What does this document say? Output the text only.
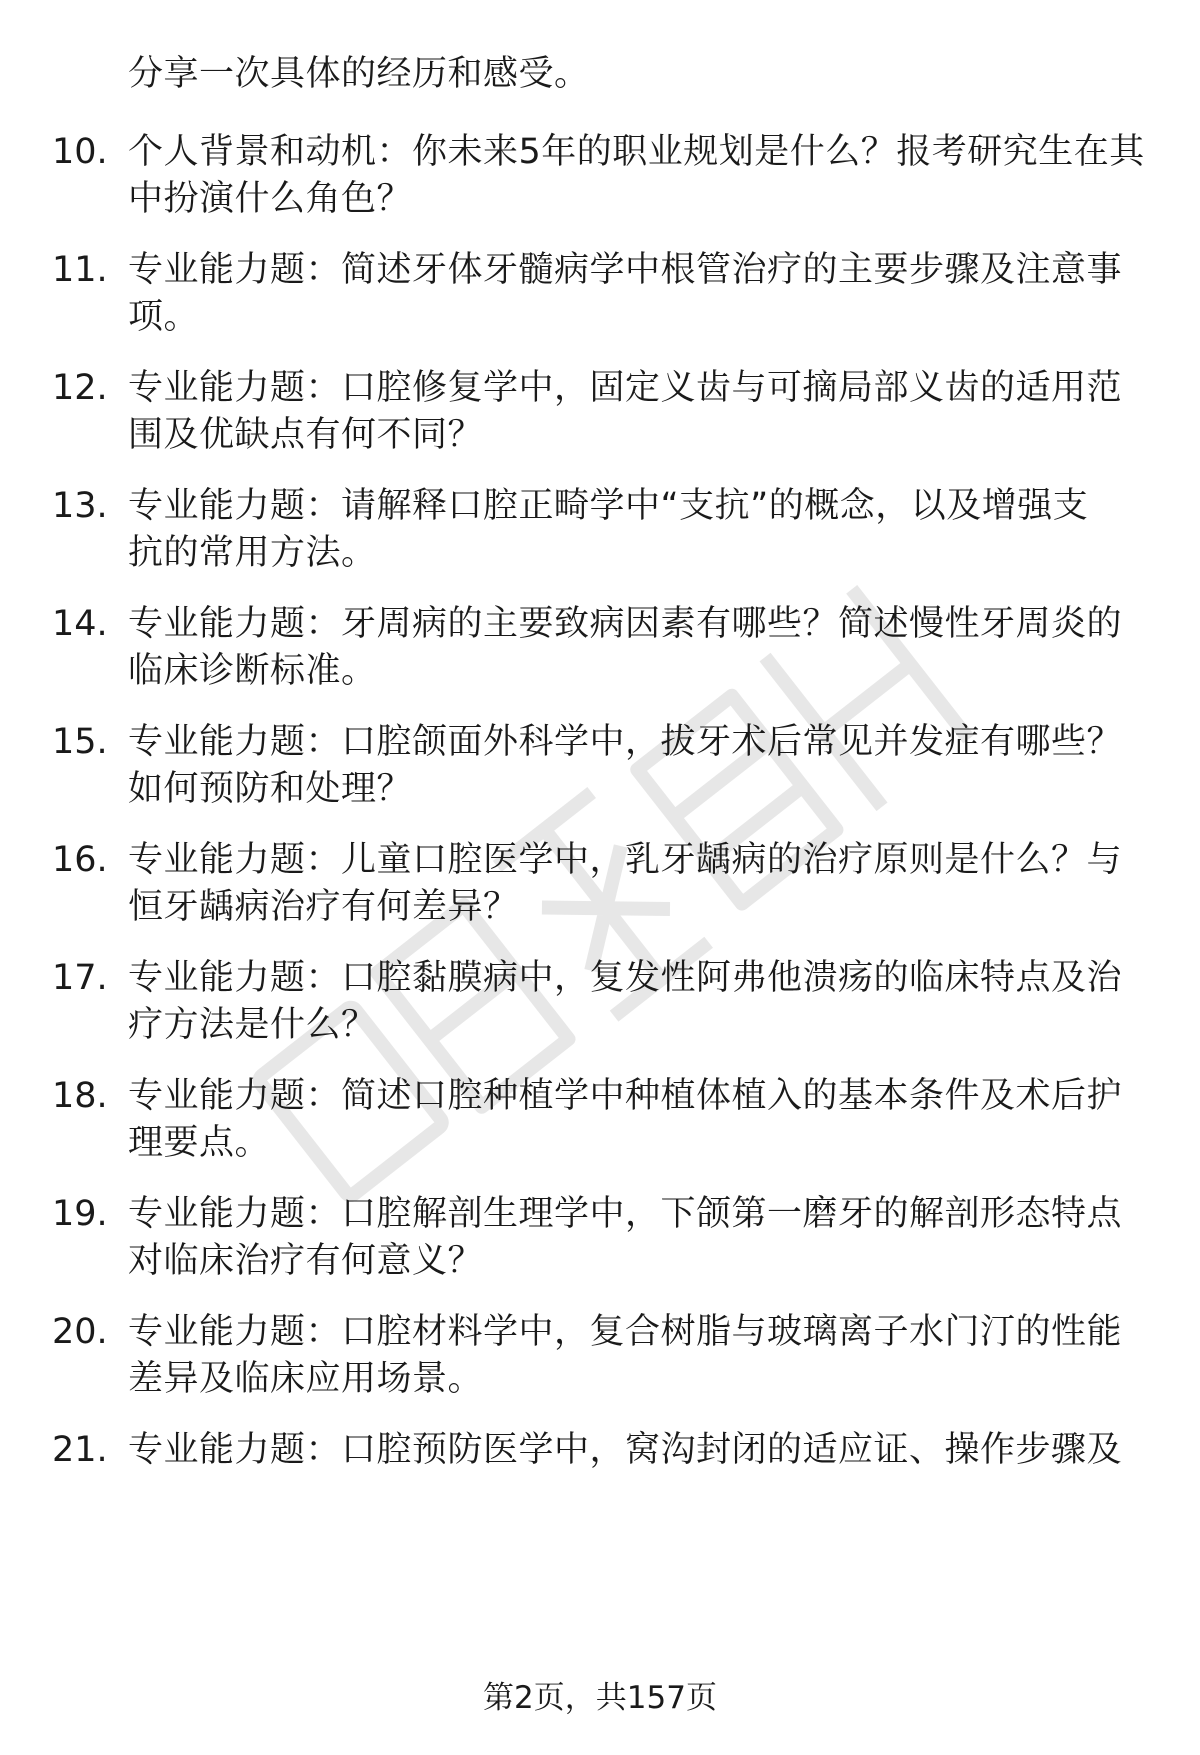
分享一次具体的经历和感受。
10. 个人背景和动机：你未来5年的职业规划是什么？报考研究生在其
中扮演什么角色？
11. 专业能力题：简述牙体牙髓病学中根管治疗的主要步骤及注意事
项。
12. 专业能力题：口腔修复学中，固定义齿与可摘局部义齿的适用范
围及优缺点有何不同？
13. 专业能力题：请解释口腔正畸学中“支抗”的概念，以及增强支
抗的常用方法。
14. 专业能力题：牙周病的主要致病因素有哪些？简述慢性牙周炎的
临床诊断标准。
15. 专业能力题：口腔颌面外科学中，拔牙术后常见并发症有哪些？
如何预防和处理？
16. 专业能力题：儿童口腔医学中，乳牙龋病的治疗原则是什么？与
恒牙龋病治疗有何差异？
17. 专业能力题：口腔黏膜病中，复发性阿弗他溃疡的临床特点及治
疗方法是什么？
18. 专业能力题：简述口腔种植学中种植体植入的基本条件及术后护
理要点。
19. 专业能力题：口腔解剖生理学中，下颌第一磨牙的解剖形态特点
对临床治疗有何意义？
20. 专业能力题：口腔材料学中，复合树脂与玻璃离子水门汀的性能
差异及临床应用场景。
21. 专业能力题：口腔预防医学中，窝沟封闭的适应证、操作步骤及
第2页，共157页
